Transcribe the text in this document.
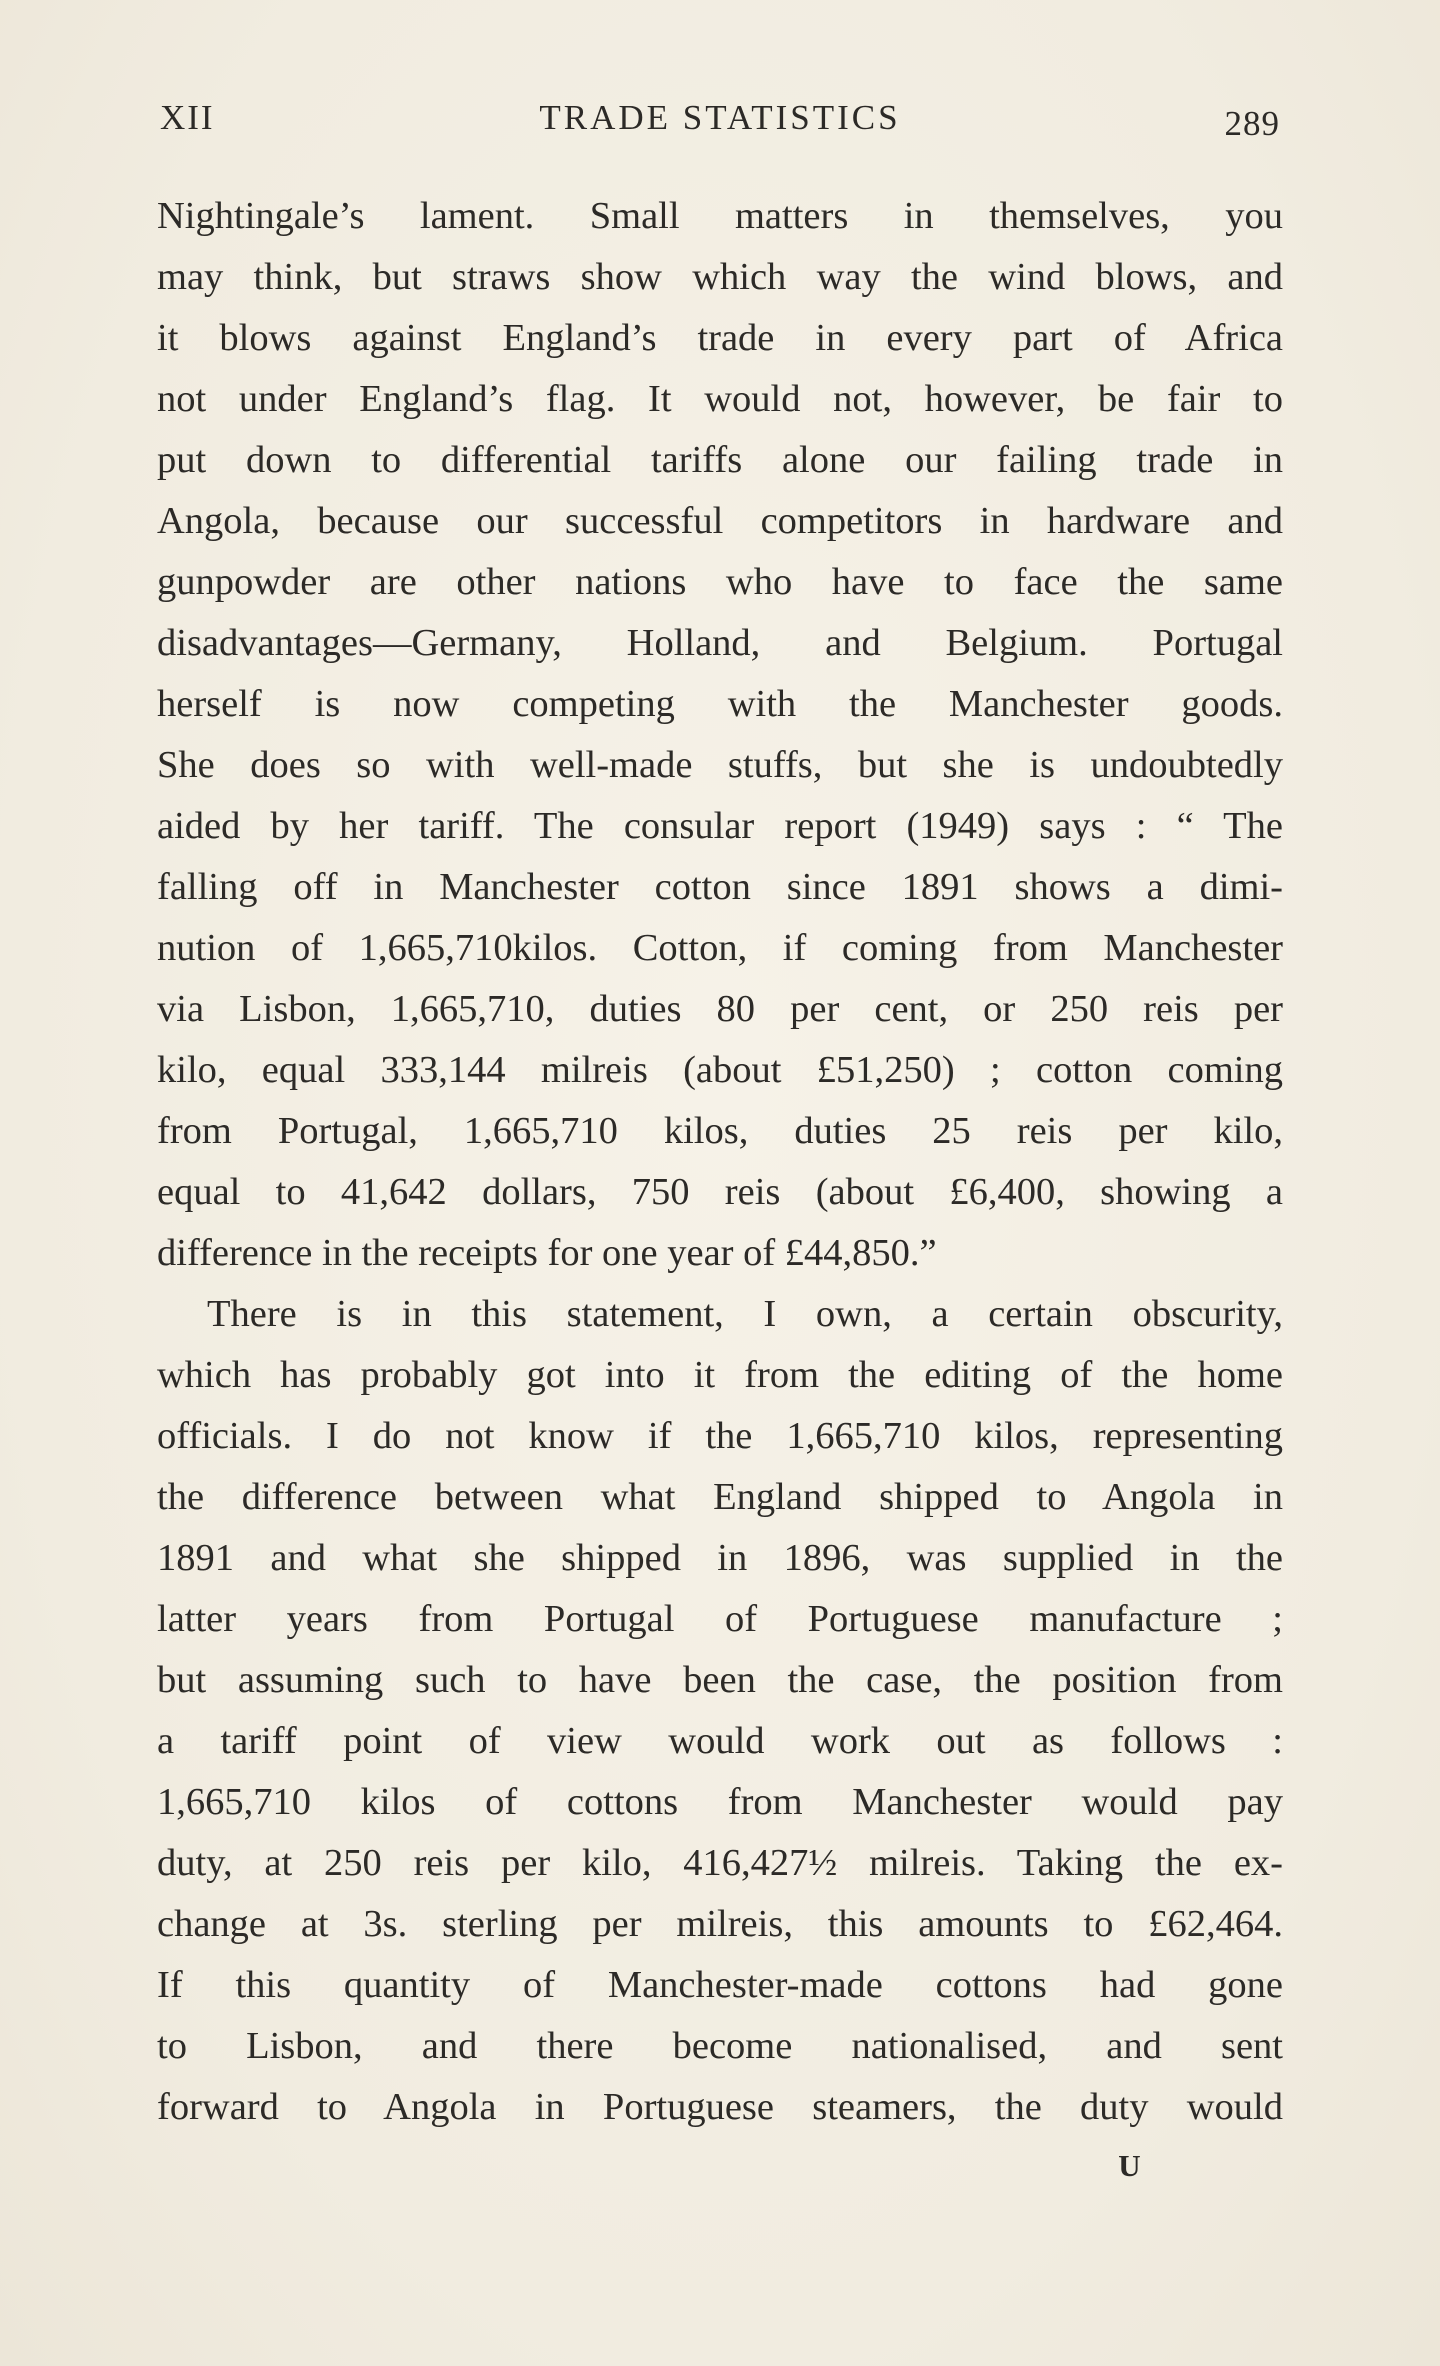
XII	TRADE STATISTICS	289
Nightingale’s lament. Small matters in themselves, you
may think, but straws show which way the wind blows, and
it blows against England’s trade in every part of Africa
not under England’s flag. It would not, however, be fair to
put down to differential tariffs alone our failing trade in
Angola, because our successful competitors in hardware and
gunpowder are other nations who have to face the same
disadvantages—Germany, Holland, and Belgium. Portugal
herself is now competing with the Manchester goods.
She does so with well-made stuffs, but she is undoubtedly
aided by her tariff. The consular report (1949) says : “ The
falling off in Manchester cotton since 1891 shows a dimi-
nution of 1,665,710kilos. Cotton, if coming from Manchester
via Lisbon, 1,665,710, duties 80 per cent, or 250 reis per
kilo, equal 333,144 milreis (about £51,250) ; cotton coming
from Portugal, 1,665,710 kilos, duties 25 reis per kilo,
equal to 41,642 dollars, 750 reis (about £6,400, showing a
difference in the receipts for one year of £44,850.”
There is in this statement, I own, a certain obscurity,
which has probably got into it from the editing of the home
officials. I do not know if the 1,665,710 kilos, representing
the difference between what England shipped to Angola in
1891 and what she shipped in 1896, was supplied in the
latter years from Portugal of Portuguese manufacture ;
but assuming such to have been the case, the position from
a tariff point of view would work out as follows :
1,665,710 kilos of cottons from Manchester would pay
duty, at 250 reis per kilo, 416,427½ milreis. Taking the ex-
change at 3s. sterling per milreis, this amounts to £62,464.
If this quantity of Manchester-made cottons had gone
to Lisbon, and there become nationalised, and sent
forward to Angola in Portuguese steamers, the duty would
U
